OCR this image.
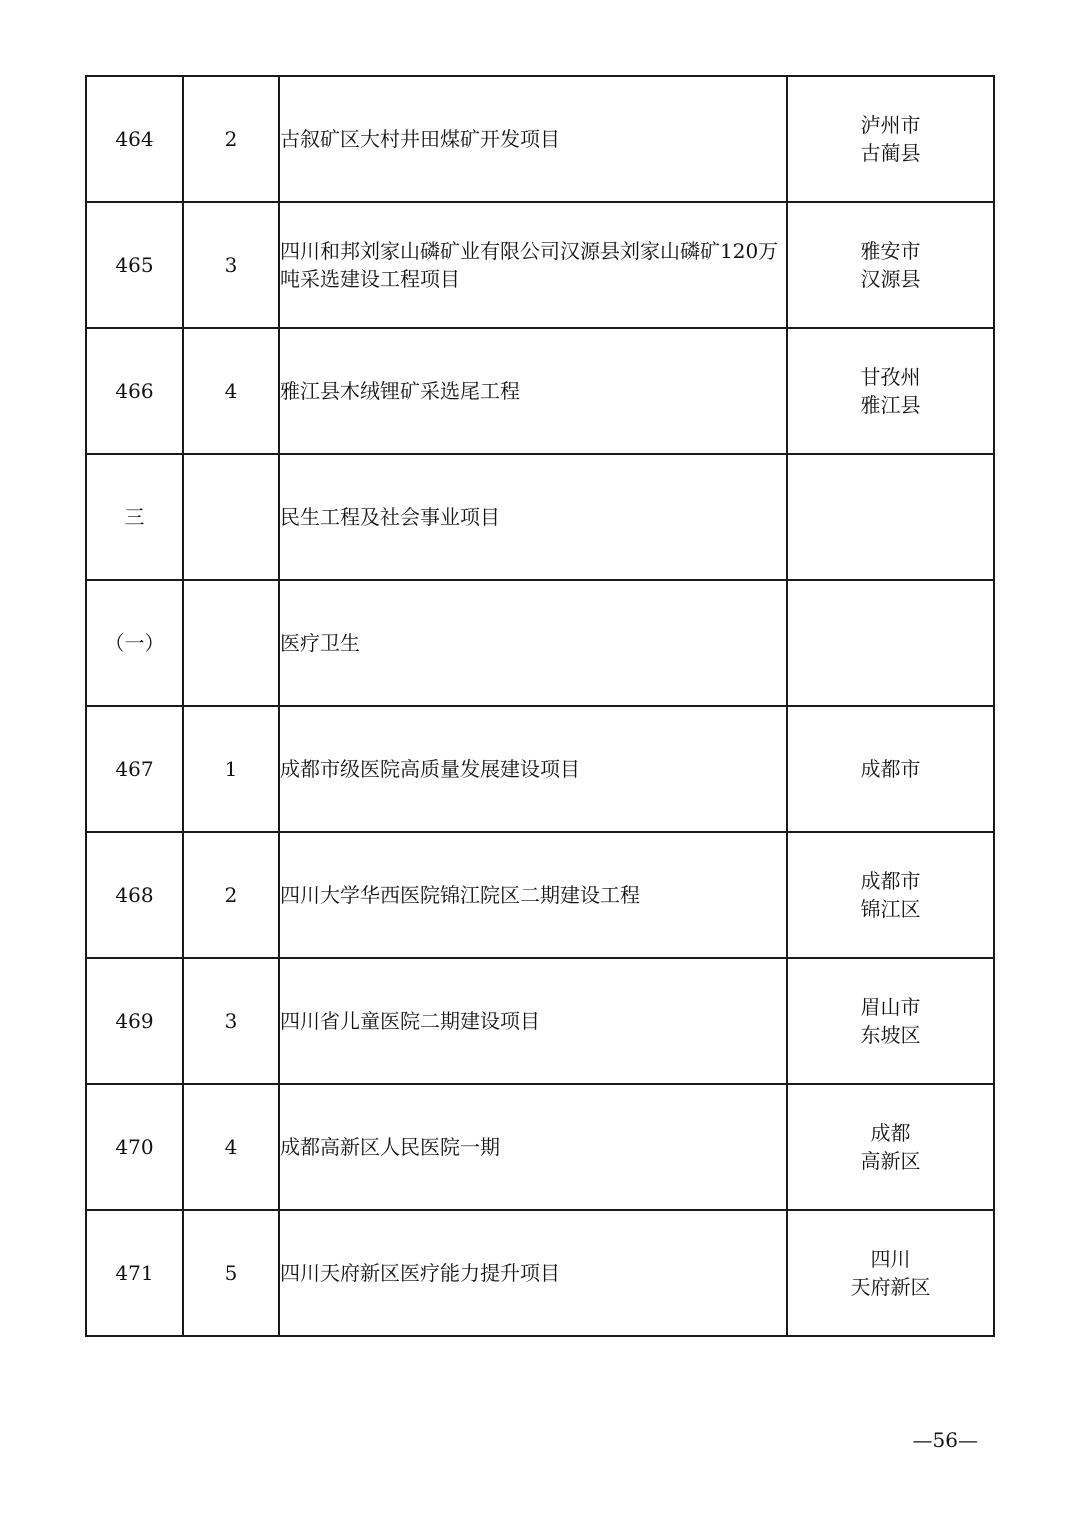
464	2	古叙矿区大村井田煤矿开发项目	泸州市
古蔺县

465	3	四川和邦刘家山磷矿业有限公司汉源县刘家山磷矿120万吨采选建设工程项目	雅安市
汉源县

466	4	雅江县木绒锂矿采选尾工程	甘孜州
雅江县

三		民生工程及社会事业项目	

（一）		医疗卫生	

467	1	成都市级医院高质量发展建设项目	成都市

468	2	四川大学华西医院锦江院区二期建设工程	成都市
锦江区

469	3	四川省儿童医院二期建设项目	眉山市
东坡区

470	4	成都高新区人民医院一期	成都
高新区

471	5	四川天府新区医疗能力提升项目	四川
天府新区
—56—
